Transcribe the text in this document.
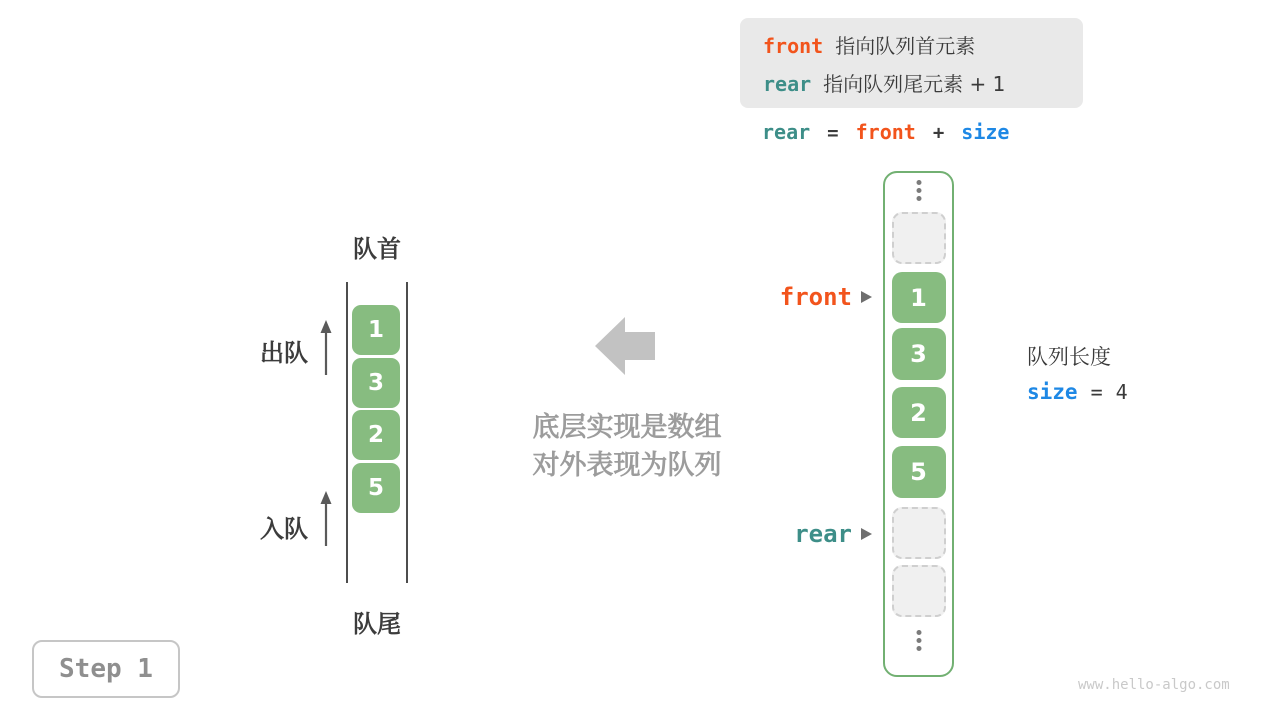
front 指向队列首元素
rear 指向队列尾元素 + 1
rear = front + size
队首
1
3
2
5
出队
入队
队尾
底层实现是数组
对外表现为队列
1
3
2
5
front
rear
队列长度
size = 4
Step 1
www.hello-algo.com
